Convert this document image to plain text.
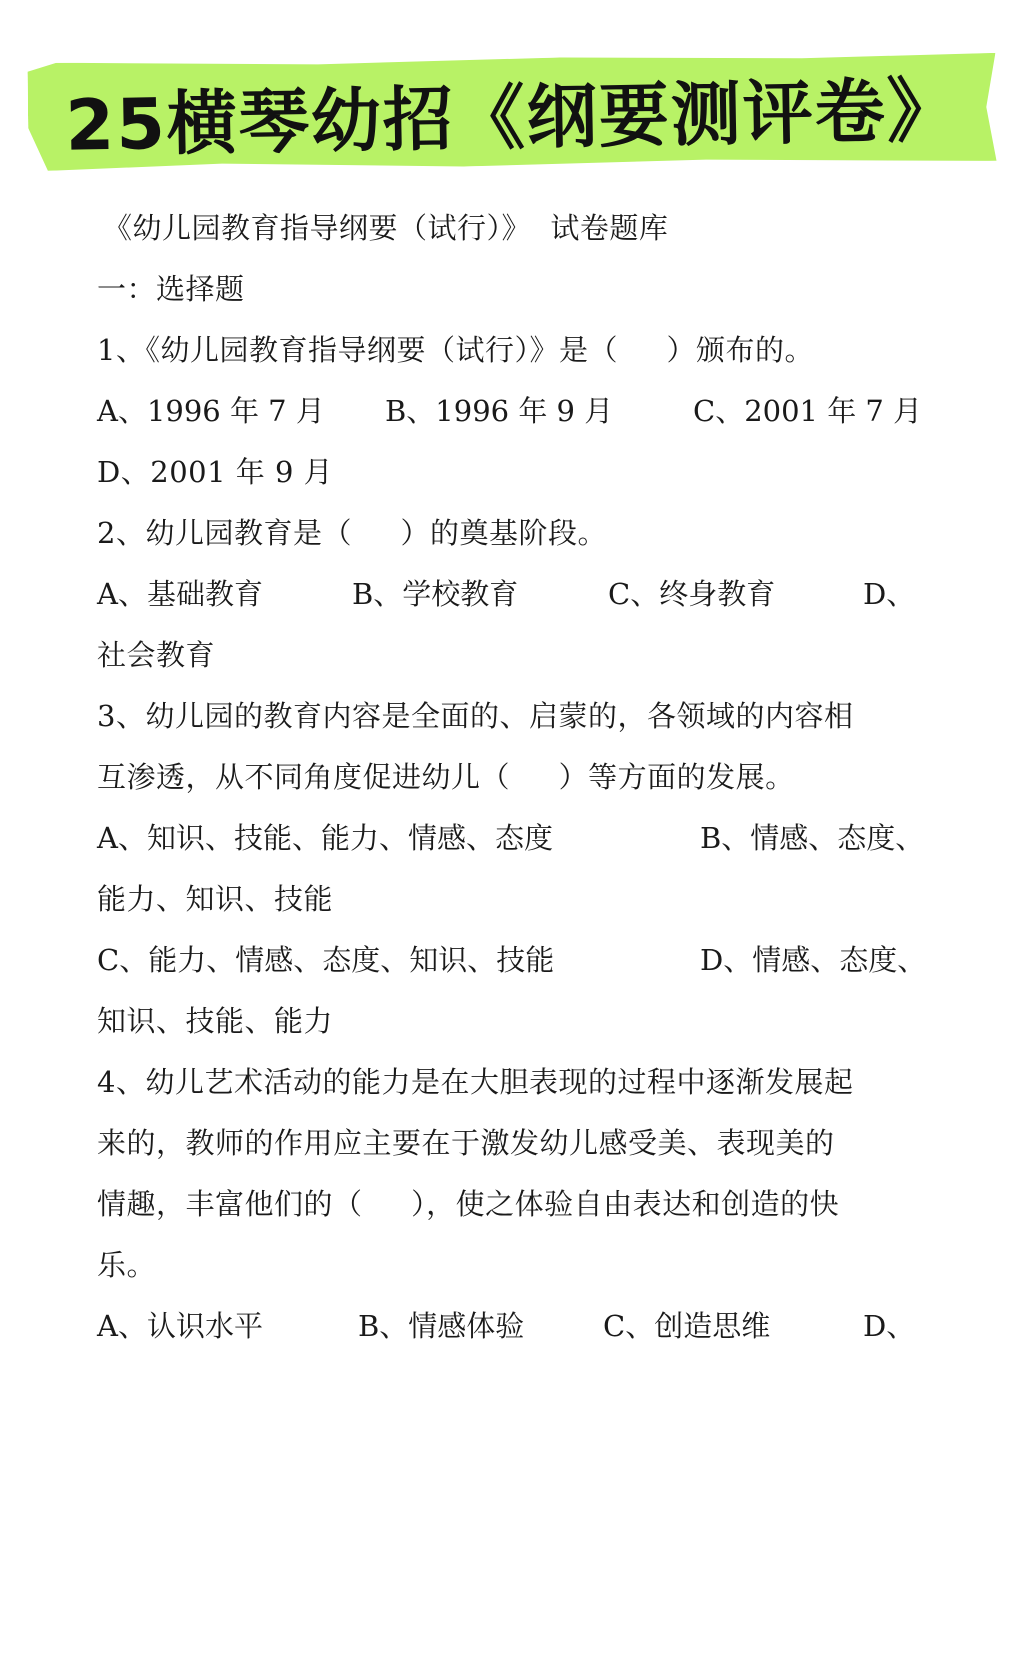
25横琴幼招《纲要测评卷》
《幼儿园教育指导纲要（试行）》  试卷题库
一：选择题
1、《幼儿园教育指导纲要（试行）》是（     ）颁布的。

A、1996 年 7 月

B、1996 年 9 月

	C、2001 年 7 月

D、2001 年 9 月
2、幼儿园教育是（     ）的奠基阶段。

A、基础教育

	B、学校教育

	C、终身教育

	D、

社会教育
3、幼儿园的教育内容是全面的、启蒙的，各领域的内容相
互渗透，从不同角度促进幼儿（     ）等方面的发展。

A、知识、技能、能力、情感、态度

	B、情感、态度、

能力、知识、技能

C、能力、情感、态度、知识、技能

	D、情感、态度、

知识、技能、能力
4、幼儿艺术活动的能力是在大胆表现的过程中逐渐发展起
来的，教师的作用应主要在于激发幼儿感受美、表现美的
情趣，丰富他们的（     ），使之体验自由表达和创造的快
乐。

A、认识水平

	B、情感体验

	C、创造思维

	D、
